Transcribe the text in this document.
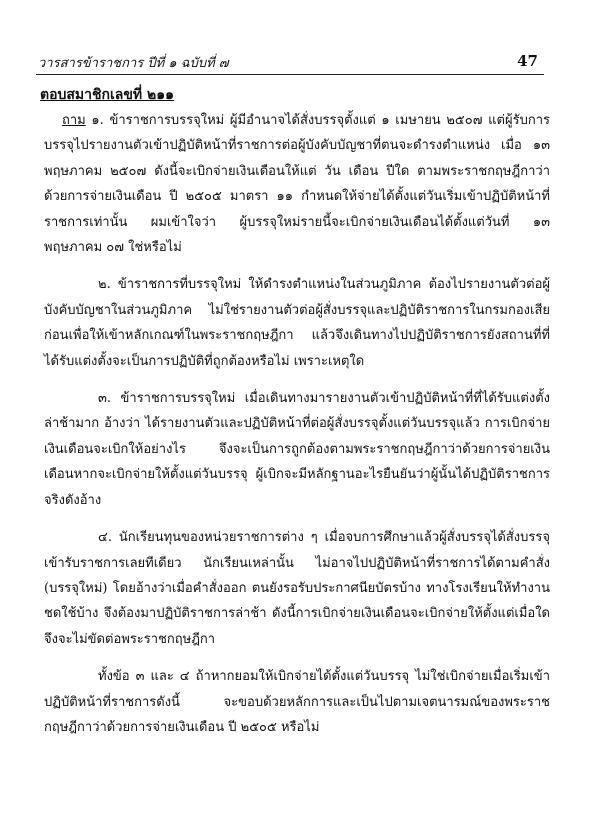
วารสารข้าราชการ ปีที่ ๑ ฉบับที่ ๗	47
ตอบสมาชิกเลขที่ ๒๑๑

ถาม ๑. ข้าราชการบรรจุใหม่ ผู้มีอำนาจได้สั่งบรรจุตั้งแต่ ๑ เมษายน ๒๕๐๗ แต่ผู้รับการบรรจุไปรายงานตัวเข้าปฏิบัติหน้าที่ราชการต่อผู้บังคับบัญชาที่ตนจะดำรงตำแหน่ง เมื่อ ๑๓ พฤษภาคม ๒๕๐๗ ดังนี้จะเบิกจ่ายเงินเดือนให้แต่ วัน เดือน ปีใด ตามพระราชกฤษฎีกาว่าด้วยการจ่ายเงินเดือน ปี ๒๕๐๕ มาตรา ๑๑ กำหนดให้จ่ายได้ตั้งแต่วันเริ่มเข้าปฏิบัติหน้าที่ราชการเท่านั้น ผมเข้าใจว่า ผู้บรรจุใหม่รายนี้จะเบิกจ่ายเงินเดือนได้ตั้งแต่วันที่ ๑๓ พฤษภาคม ๐๗ ใช่หรือไม่

๒. ข้าราชการที่บรรจุใหม่ ให้ดำรงตำแหน่งในส่วนภูมิภาค ต้องไปรายงานตัวต่อผู้บังคับบัญชาในส่วนภูมิภาค ไม่ใช่รายงานตัวต่อผู้สั่งบรรจุและปฏิบัติราชการในกรมกองเสียก่อนเพื่อให้เข้าหลักเกณฑ์ในพระราชกฤษฎีกา แล้วจึงเดินทางไปปฏิบัติราชการยังสถานที่ที่ได้รับแต่งตั้งจะเป็นการปฏิบัติที่ถูกต้องหรือไม่ เพราะเหตุใด

๓. ข้าราชการบรรจุใหม่ เมื่อเดินทางมารายงานตัวเข้าปฏิบัติหน้าที่ที่ได้รับแต่งตั้งล่าช้ามาก อ้างว่า ได้รายงานตัวและปฏิบัติหน้าที่ต่อผู้สั่งบรรจุตั้งแต่วันบรรจุแล้ว การเบิกจ่ายเงินเดือนจะเบิกให้อย่างไร จึงจะเป็นการถูกต้องตามพระราชกฤษฎีกาว่าด้วยการจ่ายเงินเดือนหากจะเบิกจ่ายให้ตั้งแต่วันบรรจุ ผู้เบิกจะมีหลักฐานอะไรยืนยันว่าผู้นั้นได้ปฏิบัติราชการจริงดังอ้าง

๔. นักเรียนทุนของหน่วยราชการต่าง ๆ เมื่อจบการศึกษาแล้วผู้สั่งบรรจุได้สั่งบรรจุเข้ารับราชการเลยทีเดียว นักเรียนเหล่านั้น ไม่อาจไปปฏิบัติหน้าที่ราชการได้ตามคำสั่ง (บรรจุใหม่) โดยอ้างว่าเมื่อคำสั่งออก ตนยังรอรับประกาศนียบัตรบ้าง ทางโรงเรียนให้ทำงานชดใช้บ้าง จึงต้องมาปฏิบัติราชการล่าช้า ดังนี้การเบิกจ่ายเงินเดือนจะเบิกจ่ายให้ตั้งแต่เมื่อใดจึงจะไม่ขัดต่อพระราชกฤษฎีกา

ทั้งข้อ ๓ และ ๔ ถ้าหากยอมให้เบิกจ่ายได้ตั้งแต่วันบรรจุ ไม่ใช่เบิกจ่ายเมื่อเริ่มเข้าปฏิบัติหน้าที่ราชการดังนี้ จะขอบด้วยหลักการและเป็นไปตามเจตนารมณ์ของพระราชกฤษฎีกาว่าด้วยการจ่ายเงินเดือน ปี ๒๕๐๕ หรือไม่
